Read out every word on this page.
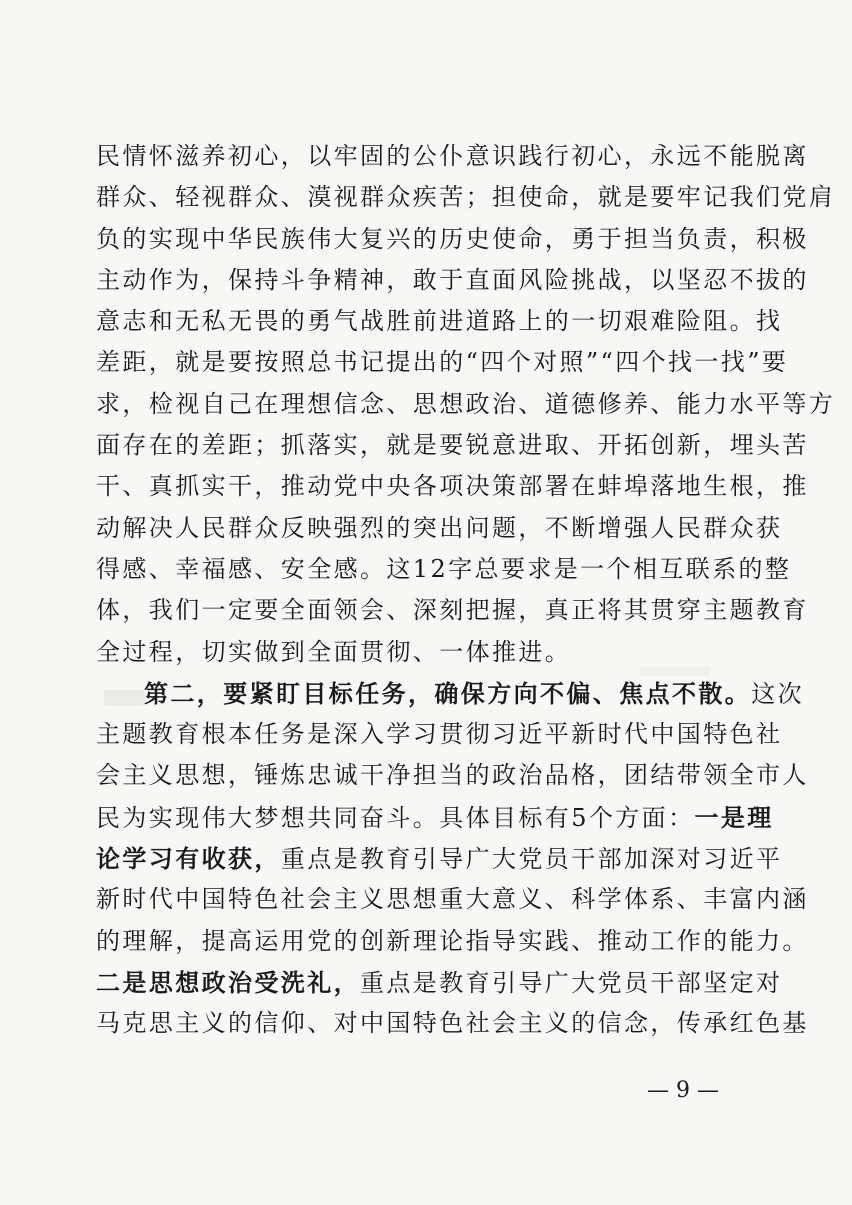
民情怀滋养初心，以牢固的公仆意识践行初心，永远不能脱离
群众、轻视群众、漠视群众疾苦；担使命，就是要牢记我们党肩
负的实现中华民族伟大复兴的历史使命，勇于担当负责，积极
主动作为，保持斗争精神，敢于直面风险挑战，以坚忍不拔的
意志和无私无畏的勇气战胜前进道路上的一切艰难险阻。找
差距，就是要按照总书记提出的“四个对照”“四个找一找”要
求，检视自己在理想信念、思想政治、道德修养、能力水平等方
面存在的差距；抓落实，就是要锐意进取、开拓创新，埋头苦
干、真抓实干，推动党中央各项决策部署在蚌埠落地生根，推
动解决人民群众反映强烈的突出问题，不断增强人民群众获
得感、幸福感、安全感。这12字总要求是一个相互联系的整
体，我们一定要全面领会、深刻把握，真正将其贯穿主题教育
全过程，切实做到全面贯彻、一体推进。
第二，要紧盯目标任务，确保方向不偏、焦点不散。这次
主题教育根本任务是深入学习贯彻习近平新时代中国特色社
会主义思想，锤炼忠诚干净担当的政治品格，团结带领全市人
民为实现伟大梦想共同奋斗。具体目标有5个方面：一是理
论学习有收获，重点是教育引导广大党员干部加深对习近平
新时代中国特色社会主义思想重大意义、科学体系、丰富内涵
的理解，提高运用党的创新理论指导实践、推动工作的能力。
二是思想政治受洗礼，重点是教育引导广大党员干部坚定对
马克思主义的信仰、对中国特色社会主义的信念，传承红色基
— 9 —
